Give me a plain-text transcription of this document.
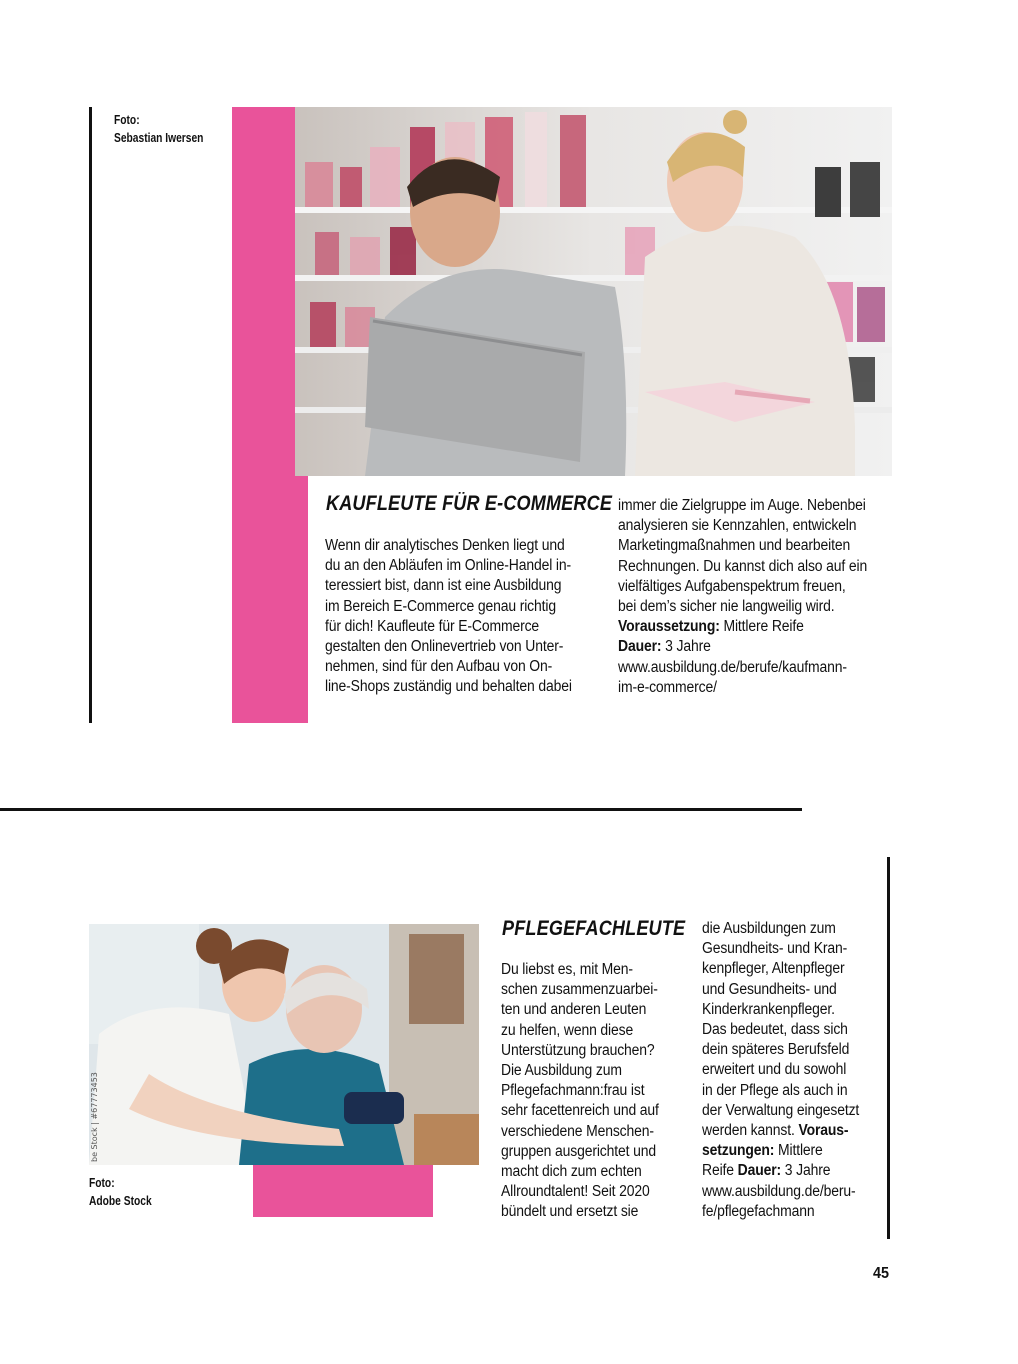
Foto:
Sebastian Iwersen
KAUFLEUTE FÜR E-COMMERCE
Wenn dir analytisches Denken liegt und
du an den Abläufen im Online-Handel in-
teressiert bist, dann ist eine Ausbildung
im Bereich E-Commerce genau richtig
für dich! Kaufleute für E-Commerce
gestalten den Onlinevertrieb von Unter-
nehmen, sind für den Aufbau von On-
line-Shops zuständig und behalten dabei
immer die Zielgruppe im Auge. Nebenbei
analysieren sie Kennzahlen, entwickeln
Marketingmaßnahmen und bearbeiten
Rechnungen. Du kannst dich also auf ein
vielfältiges Aufgabenspektrum freuen,
bei dem’s sicher nie langweilig wird.
Voraussetzung: Mittlere Reife
Dauer: 3 Jahre
www.ausbildung.de/berufe/kaufmann-
im-e-commerce/
be Stock | #67773453
Foto:
Adobe Stock
PFLEGEFACHLEUTE
Du liebst es, mit Men-
schen zusammenzuarbei-
ten und anderen Leuten
zu helfen, wenn diese
Unterstützung brauchen?
Die Ausbildung zum
Pflegefachmann:frau ist
sehr facettenreich und auf
verschiedene Menschen-
gruppen ausgerichtet und
macht dich zum echten
Allroundtalent! Seit 2020
bündelt und ersetzt sie
die Ausbildungen zum
Gesundheits- und Kran-
kenpfleger, Altenpfleger
und Gesundheits- und
Kinderkrankenpfleger.
Das bedeutet, dass sich
dein späteres Berufsfeld
erweitert und du sowohl
in der Pflege als auch in
der Verwaltung eingesetzt
werden kannst. Voraus-
setzungen: Mittlere
Reife Dauer: 3 Jahre
www.ausbildung.de/beru-
fe/pflegefachmann
45
